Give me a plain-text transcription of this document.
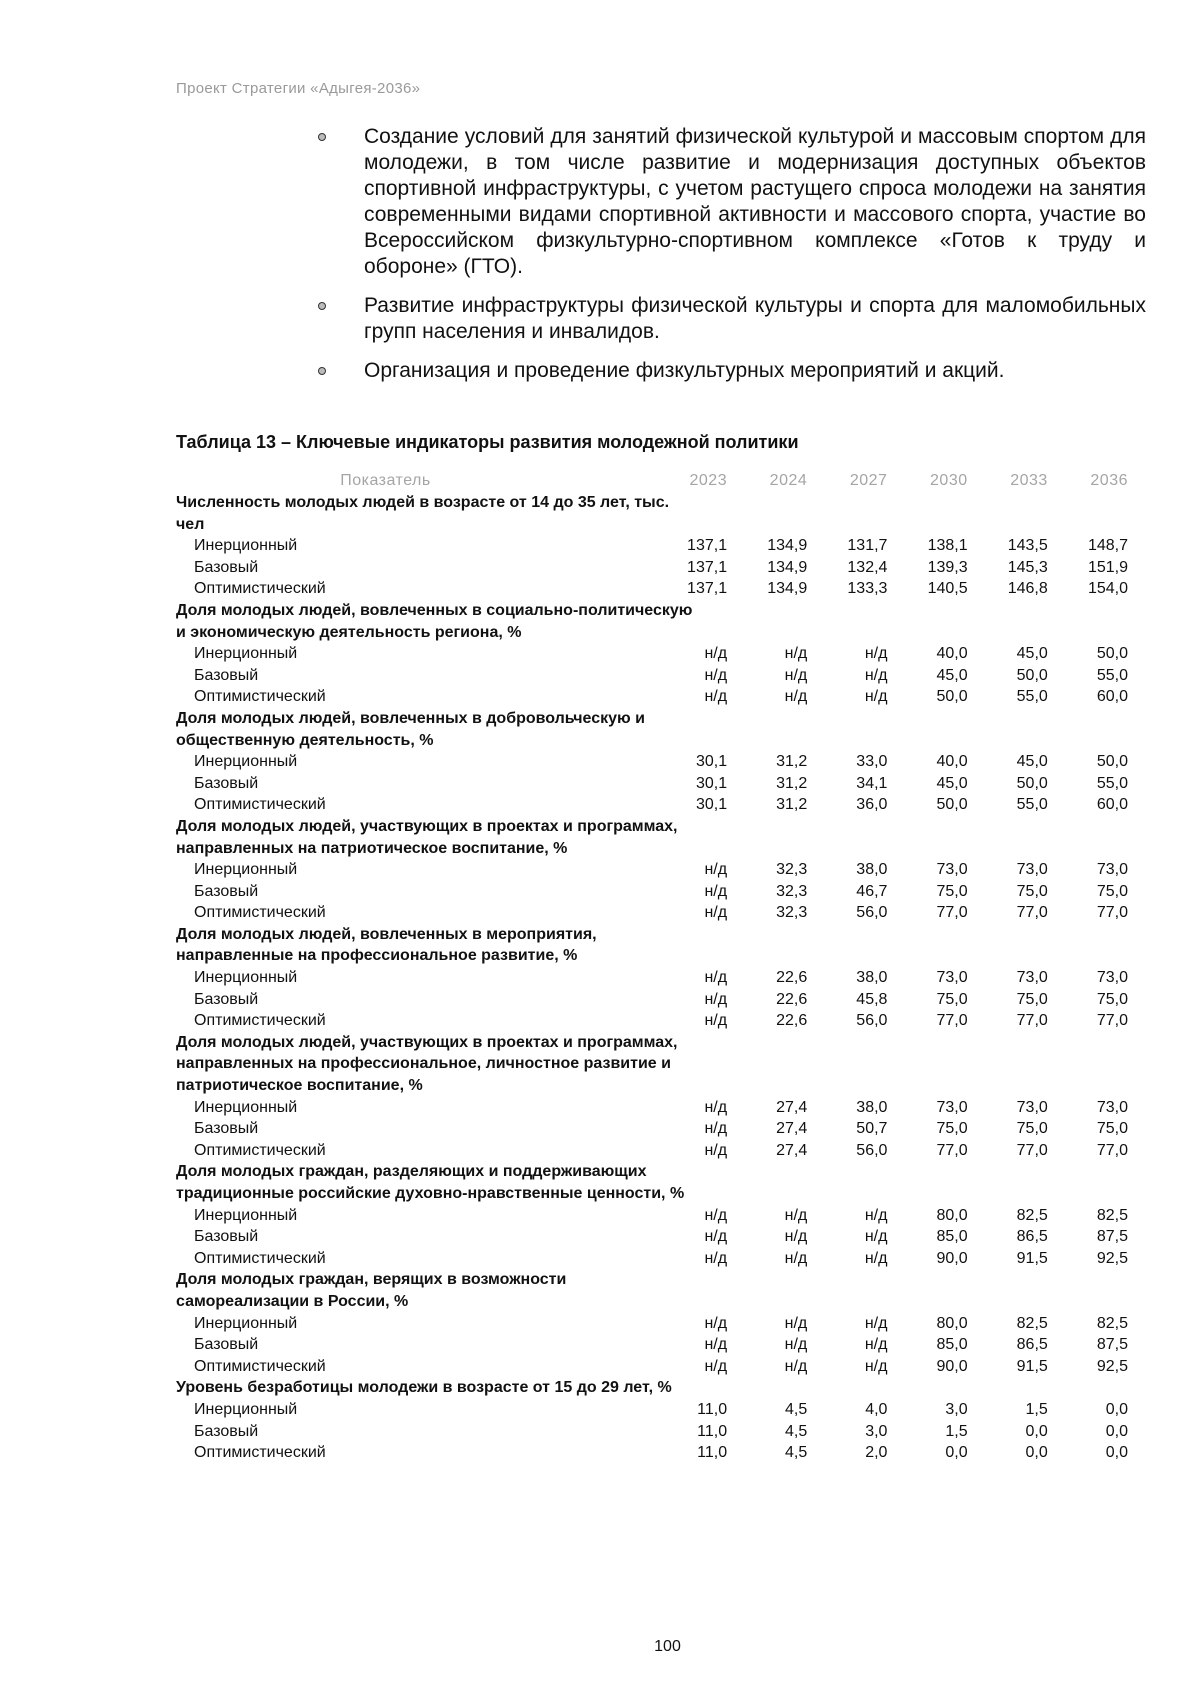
Проект Стратегии «Адыгея-2036»
Создание условий для занятий физической культурой и массовым спортом для молодежи, в том числе развитие и модернизация доступных объектов спортивной инфраструктуры, с учетом растущего спроса молодежи на занятия современными видами спортивной активности и массового спорта, участие во Всероссийском физкультурно-спортивном комплексе «Готов к труду и обороне» (ГТО).
Развитие инфраструктуры физической культуры и спорта для маломобильных групп населения и инвалидов.
Организация и проведение физкультурных мероприятий и акций.
Таблица 13 – Ключевые индикаторы развития молодежной политики
Показатель	2023	2024	2027	2030	2033	2036

Численность молодых людей в возрасте от 14 до 35 лет, тыс. чел						

Инерционный	137,1	134,9	131,7	138,1	143,5	148,7
Базовый	137,1	134,9	132,4	139,3	145,3	151,9
Оптимистический	137,1	134,9	133,3	140,5	146,8	154,0

Доля молодых людей, вовлеченных в социально-политическую и экономическую деятельность региона, %						

Инерционный	н/д	н/д	н/д	40,0	45,0	50,0
Базовый	н/д	н/д	н/д	45,0	50,0	55,0
Оптимистический	н/д	н/д	н/д	50,0	55,0	60,0

Доля молодых людей, вовлеченных в добровольческую и общественную деятельность, %						

Инерционный	30,1	31,2	33,0	40,0	45,0	50,0
Базовый	30,1	31,2	34,1	45,0	50,0	55,0
Оптимистический	30,1	31,2	36,0	50,0	55,0	60,0

Доля молодых людей, участвующих в проектах и программах, направленных на патриотическое воспитание, %						

Инерционный	н/д	32,3	38,0	73,0	73,0	73,0
Базовый	н/д	32,3	46,7	75,0	75,0	75,0
Оптимистический	н/д	32,3	56,0	77,0	77,0	77,0

Доля молодых людей, вовлеченных в мероприятия, направленные на профессиональное развитие, %						

Инерционный	н/д	22,6	38,0	73,0	73,0	73,0
Базовый	н/д	22,6	45,8	75,0	75,0	75,0
Оптимистический	н/д	22,6	56,0	77,0	77,0	77,0

Доля молодых людей, участвующих в проектах и программах, направленных на профессиональное, личностное развитие и патриотическое воспитание, %						

Инерционный	н/д	27,4	38,0	73,0	73,0	73,0
Базовый	н/д	27,4	50,7	75,0	75,0	75,0
Оптимистический	н/д	27,4	56,0	77,0	77,0	77,0

Доля молодых граждан, разделяющих и поддерживающих традиционные российские духовно-нравственные ценности, %						

Инерционный	н/д	н/д	н/д	80,0	82,5	82,5
Базовый	н/д	н/д	н/д	85,0	86,5	87,5
Оптимистический	н/д	н/д	н/д	90,0	91,5	92,5

Доля молодых граждан, верящих в возможности самореализации в России, %						

Инерционный	н/д	н/д	н/д	80,0	82,5	82,5
Базовый	н/д	н/д	н/д	85,0	86,5	87,5
Оптимистический	н/д	н/д	н/д	90,0	91,5	92,5

Уровень безработицы молодежи в возрасте от 15 до 29 лет, %						

Инерционный	11,0	4,5	4,0	3,0	1,5	0,0
Базовый	11,0	4,5	3,0	1,5	0,0	0,0
Оптимистический	11,0	4,5	2,0	0,0	0,0	0,0
100
